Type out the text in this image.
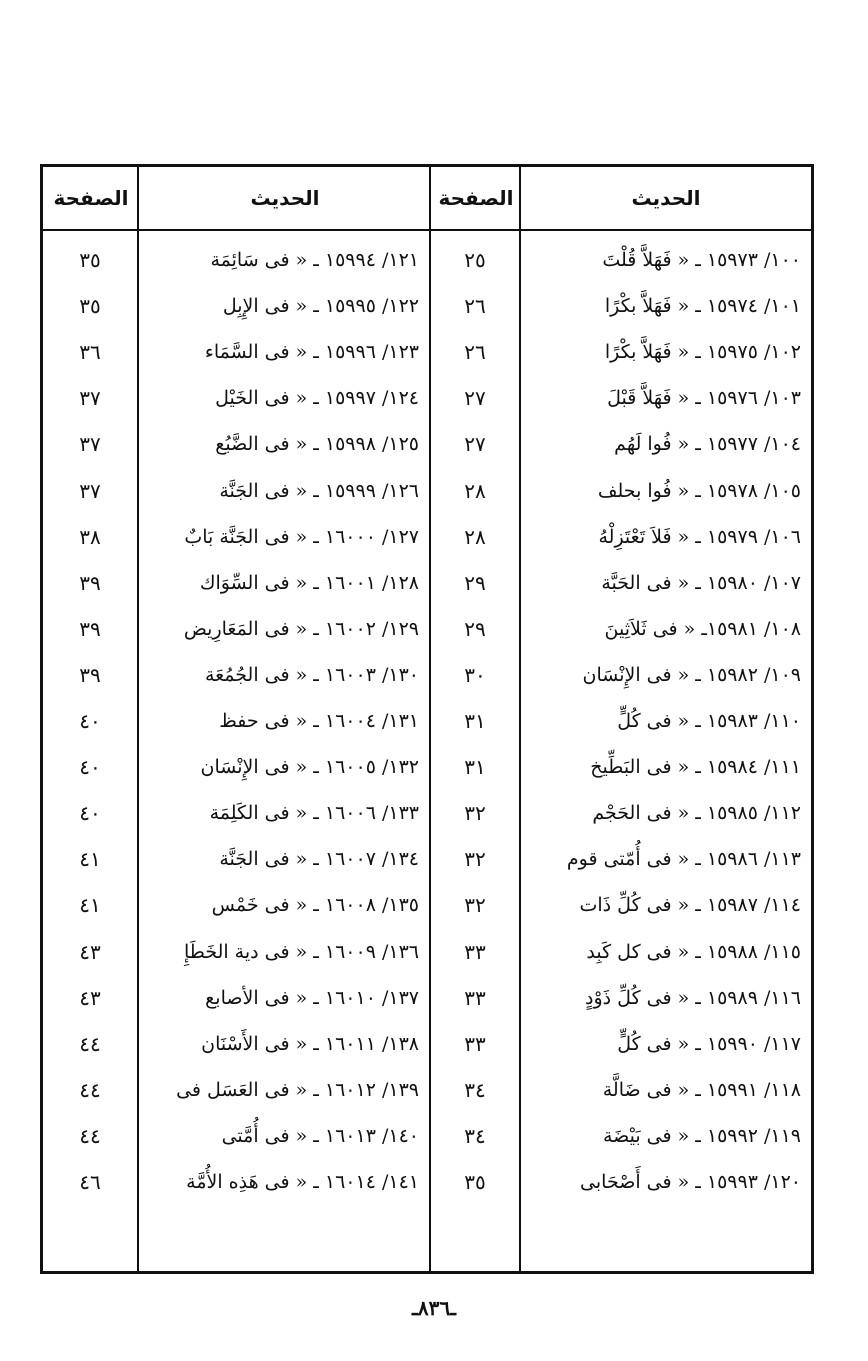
الصفحة	الحديث	الصفحة	الحديث
٣٥	١٢١/ ١٥٩٩٤ ـ « فى سَائِمَة	٢٥	١٠٠/ ١٥٩٧٣ ـ « فَهَلاَّ قُلْتَ
٣٥	١٢٢/ ١٥٩٩٥ ـ « فى الإِبِل	٢٦	١٠١/ ١٥٩٧٤ ـ « فَهَلاَّ بكْرًا
٣٦	١٢٣/ ١٥٩٩٦ ـ « فى السَّمَاء	٢٦	١٠٢/ ١٥٩٧٥ ـ « فَهَلاَّ بكْرًا
٣٧	١٢٤/ ١٥٩٩٧ ـ « فى الخَيْل	٢٧	١٠٣/ ١٥٩٧٦ ـ « فَهَلاَّ قَبْلَ
٣٧	١٢٥/ ١٥٩٩٨ ـ « فى الضَّبُع	٢٧	١٠٤/ ١٥٩٧٧ ـ « فُوا لَهُم
٣٧	١٢٦/ ١٥٩٩٩ ـ « فى الجَنَّة	٢٨	١٠٥/ ١٥٩٧٨ ـ « فُوا بحلف
٣٨	١٢٧/ ١٦٠٠٠ ـ « فى الجَنَّة بَابٌ	٢٨	١٠٦/ ١٥٩٧٩ ـ « فَلاَ تَعْتَزِلْهُ
٣٩	١٢٨/ ١٦٠٠١ ـ « فى السِّوَاك	٢٩	١٠٧/ ١٥٩٨٠ ـ « فى الحَبَّة
٣٩	١٢٩/ ١٦٠٠٢ ـ « فى المَعَارِيض	٢٩	١٠٨/ ١٥٩٨١ـ « فى ثَلاَثِينَ
٣٩	١٣٠/ ١٦٠٠٣ ـ « فى الجُمُعَة	٣٠	١٠٩/ ١٥٩٨٢ ـ « فى الإِنْسَان
٤٠	١٣١/ ١٦٠٠٤ ـ « فى حفظ	٣١	١١٠/ ١٥٩٨٣ ـ « فى كُلٍّ
٤٠	١٣٢/ ١٦٠٠٥ ـ « فى الإِنْسَان	٣١	١١١/ ١٥٩٨٤ ـ « فى البَطِّيخ
٤٠	١٣٣/ ١٦٠٠٦ ـ « فى الكَلِمَة	٣٢	١١٢/ ١٥٩٨٥ ـ « فى الحَجْم
٤١	١٣٤/ ١٦٠٠٧ ـ « فى الجَنَّة	٣٢	١١٣/ ١٥٩٨٦ ـ « فى أُمّتى قوم
٤١	١٣٥/ ١٦٠٠٨ ـ « فى خَمْس	٣٢	١١٤/ ١٥٩٨٧ ـ « فى كُلِّ ذَات
٤٣	١٣٦/ ١٦٠٠٩ ـ « فى دية الخَطَإِ	٣٣	١١٥/ ١٥٩٨٨ ـ « فى كل كَبِد
٤٣	١٣٧/ ١٦٠١٠ ـ « فى الأصابع	٣٣	١١٦/ ١٥٩٨٩ ـ « فى كُلِّ ذَوْدٍ
٤٤	١٣٨/ ١٦٠١١ ـ « فى الأَسْنَان	٣٣	١١٧/ ١٥٩٩٠ ـ « فى كُلٍّ
٤٤	١٣٩/ ١٦٠١٢ ـ « فى العَسَل فى	٣٤	١١٨/ ١٥٩٩١ ـ « فى ضَالَّة
٤٤	١٤٠/ ١٦٠١٣ ـ « فى أُمَّتى	٣٤	١١٩/ ١٥٩٩٢ ـ « فى بَيْضَة
٤٦	١٤١/ ١٦٠١٤ ـ « فى هَذِه الأُمَّة	٣٥	١٢٠/ ١٥٩٩٣ ـ « فى أَصْحَابى
ـ٨٣٦ـ
